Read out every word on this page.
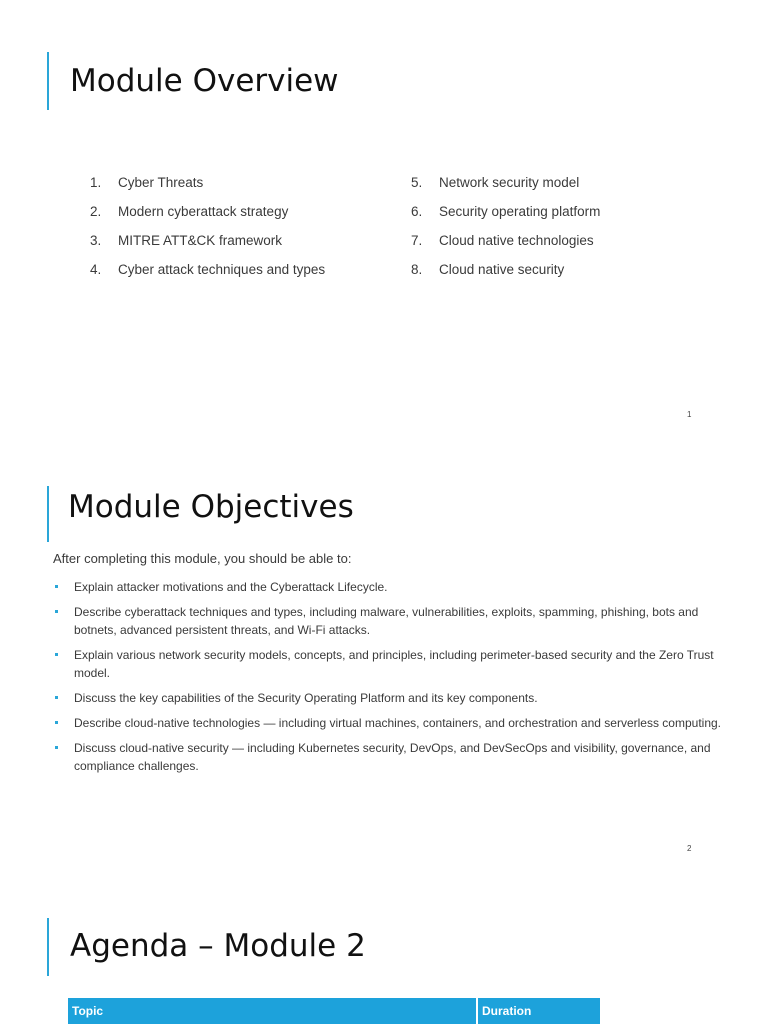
Module Overview
1. Cyber Threats
2. Modern cyberattack strategy
3. MITRE ATT&CK framework
4. Cyber attack techniques and types
5. Network security model
6. Security operating platform
7. Cloud native technologies
8. Cloud native security
1
Module Objectives

After completing this module, you should be able to:

Explain attacker motivations and the Cyberattack Lifecycle.
Describe cyberattack techniques and types, including malware, vulnerabilities, exploits, spamming, phishing, bots and botnets, advanced persistent threats, and Wi-Fi attacks.
Explain various network security models, concepts, and principles, including perimeter-based security and the Zero Trust model.
Discuss the key capabilities of the Security Operating Platform and its key components.
Describe cloud-native technologies — including virtual machines, containers, and orchestration and serverless computing.
Discuss cloud-native security — including Kubernetes security, DevOps, and DevSecOps and visibility, governance, and compliance challenges.
2
Agenda – Module 2
Topic	Duration
